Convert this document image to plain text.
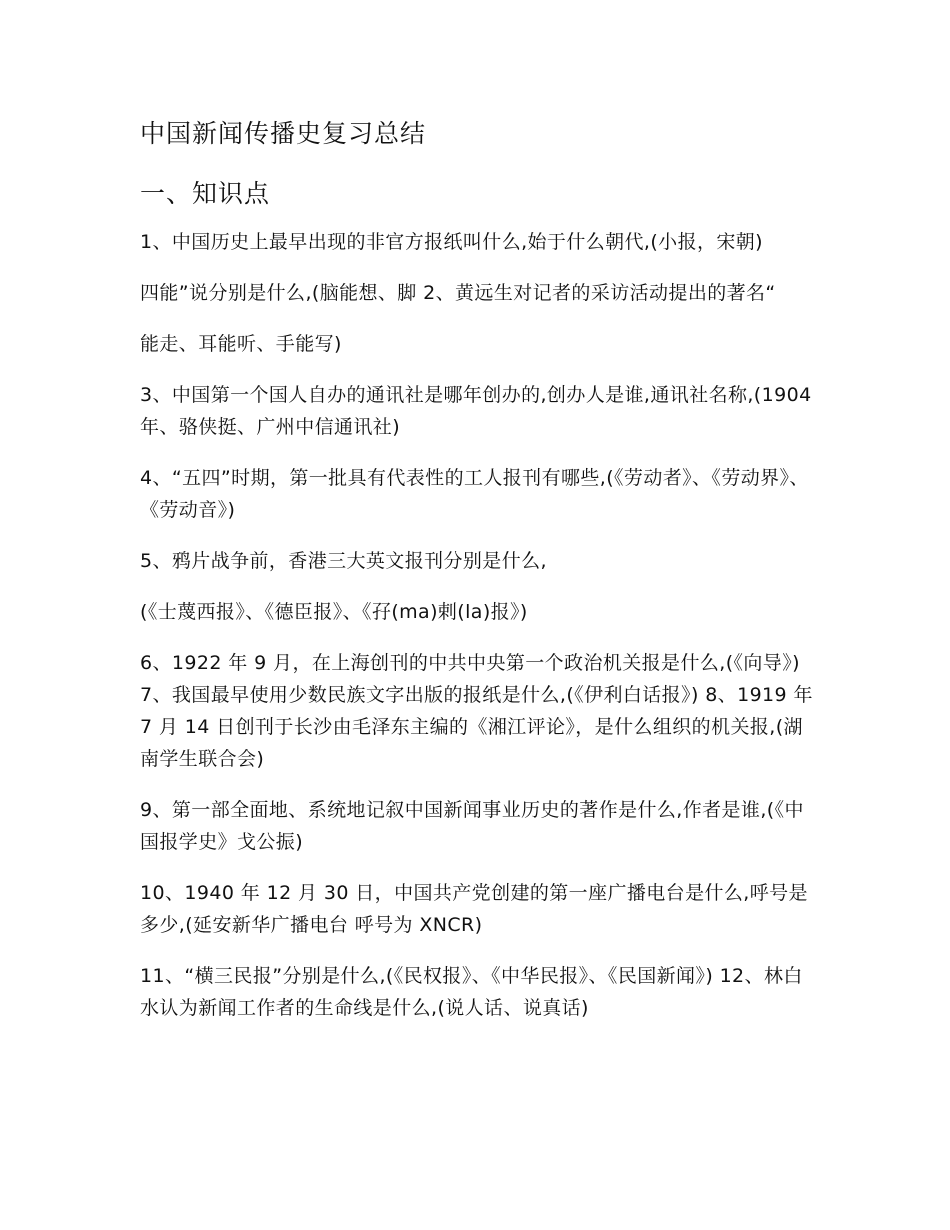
中国新闻传播史复习总结
一、知识点

1、中国历史上最早出现的非官方报纸叫什么,始于什么朝代,(小报，宋朝)

四能”说分别是什么,(脑能想、脚 2、黄远生对记者的采访活动提出的著名“

能走、耳能听、手能写)

3、中国第一个国人自办的通讯社是哪年创办的,创办人是谁,通讯社名称,(1904 年、骆侠挺、广州中信通讯社)

4、“五四”时期，第一批具有代表性的工人报刊有哪些,(《劳动者》、《劳动界》、《劳动音》)

5、鸦片战争前，香港三大英文报刊分别是什么,

(《士蔑西报》、《德臣报》、《孖(ma)剌(la)报》)

6、1922 年 9 月，在上海创刊的中共中央第一个政治机关报是什么,(《向导》) 7、我国最早使用少数民族文字出版的报纸是什么,(《伊利白话报》) 8、1919 年 7 月 14 日创刊于长沙由毛泽东主编的《湘江评论》，是什么组织的机关报,(湖南学生联合会)

9、第一部全面地、系统地记叙中国新闻事业历史的著作是什么,作者是谁,(《中国报学史》戈公振)

10、1940 年 12 月 30 日，中国共产党创建的第一座广播电台是什么,呼号是多少,(延安新华广播电台 呼号为 XNCR)

11、“横三民报”分别是什么,(《民权报》、《中华民报》、《民国新闻》) 12、林白水认为新闻工作者的生命线是什么,(说人话、说真话)
